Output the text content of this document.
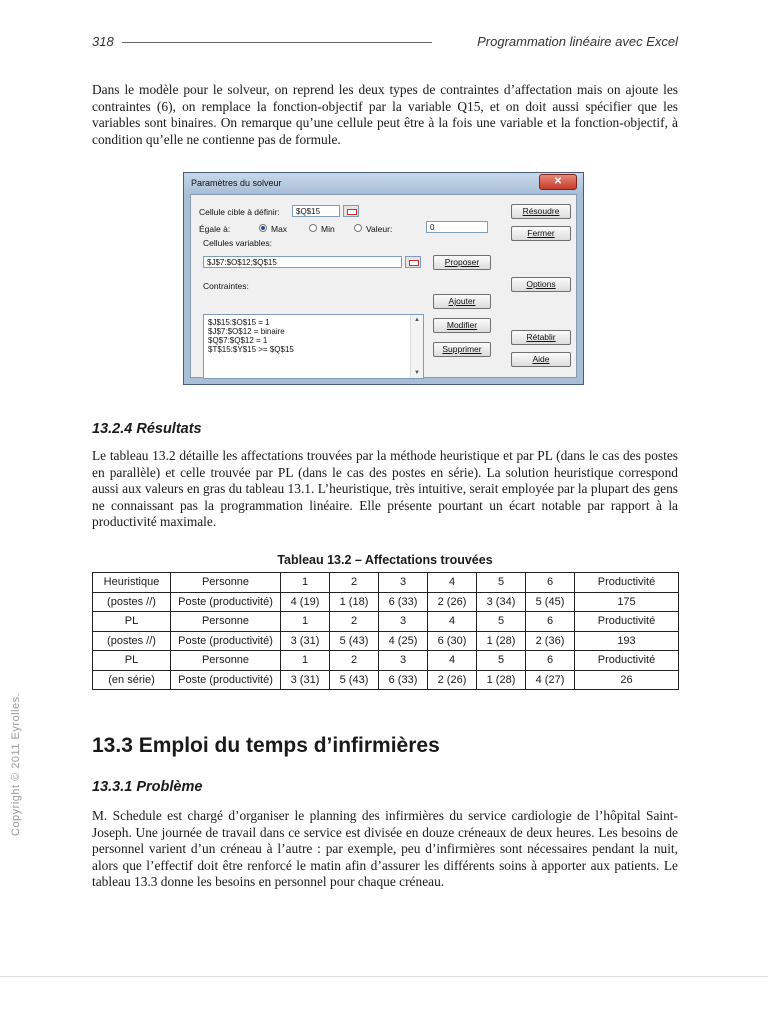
318	Programmation linéaire avec Excel

Dans le modèle pour le solveur, on reprend les deux types de contraintes d’affectation mais on ajoute les contraintes (6), on remplace la fonction-objectif par la variable Q15, et on doit aussi spécifier que les variables sont binaires. On remarque qu’une cellule peut être à la fois une variable et la fonction-objectif, à condition qu’elle ne contienne pas de formule.

Paramètres du solveur	✕
Cellule cible à définir:	$Q$15
Égale à:	Max	Min	Valeur:	0
Cellules variables:
$J$7:$O$12;$Q$15	Proposer
Contraintes:
$J$15:$O$15 = 1
$J$7:$O$12 = binaire
$Q$7:$Q$12 = 1
$T$15:$Y$15 >= $Q$15
▲
▼
Ajouter
Modifier
Supprimer
Résoudre
Fermer
Options
Rétablir
Aide
13.2.4 Résultats

Le tableau 13.2 détaille les affectations trouvées par la méthode heuristique et par PL (dans le cas des postes en parallèle) et celle trouvée par PL (dans le cas des postes en série). La solution heuristique correspond aussi aux valeurs en gras du tableau 13.1. L’heuristique, très intuitive, serait employée par la plupart des gens ne connaissant pas la programmation linéaire. Elle présente pourtant un écart notable par rapport à la productivité maximale.

Tableau 13.2 – Affectations trouvées

Heuristique	Personne	1	2	3	4	5	6	Productivité
(postes //)	Poste (productivité)	4 (19)	1 (18)	6 (33)	2 (26)	3 (34)	5 (45)	175
PL	Personne	1	2	3	4	5	6	Productivité
(postes //)	Poste (productivité)	3 (31)	5 (43)	4 (25)	6 (30)	1 (28)	2 (36)	193
PL	Personne	1	2	3	4	5	6	Productivité
(en série)	Poste (productivité)	3 (31)	5 (43)	6 (33)	2 (26)	1 (28)	4 (27)	26
13.3 Emploi du temps d’infirmières
13.3.1 Problème

M. Schedule est chargé d’organiser le planning des infirmières du service cardiologie de l’hôpital Saint-Joseph. Une journée de travail dans ce service est divisée en douze créneaux de deux heures. Les besoins de personnel varient d’un créneau à l’autre : par exemple, peu d’infirmières sont nécessaires pendant la nuit, alors que l’effectif doit être renforcé le matin afin d’assurer les différents soins à apporter aux patients. Le tableau 13.3 donne les besoins en personnel pour chaque créneau.

Copyright © 2011 Eyrolles.
